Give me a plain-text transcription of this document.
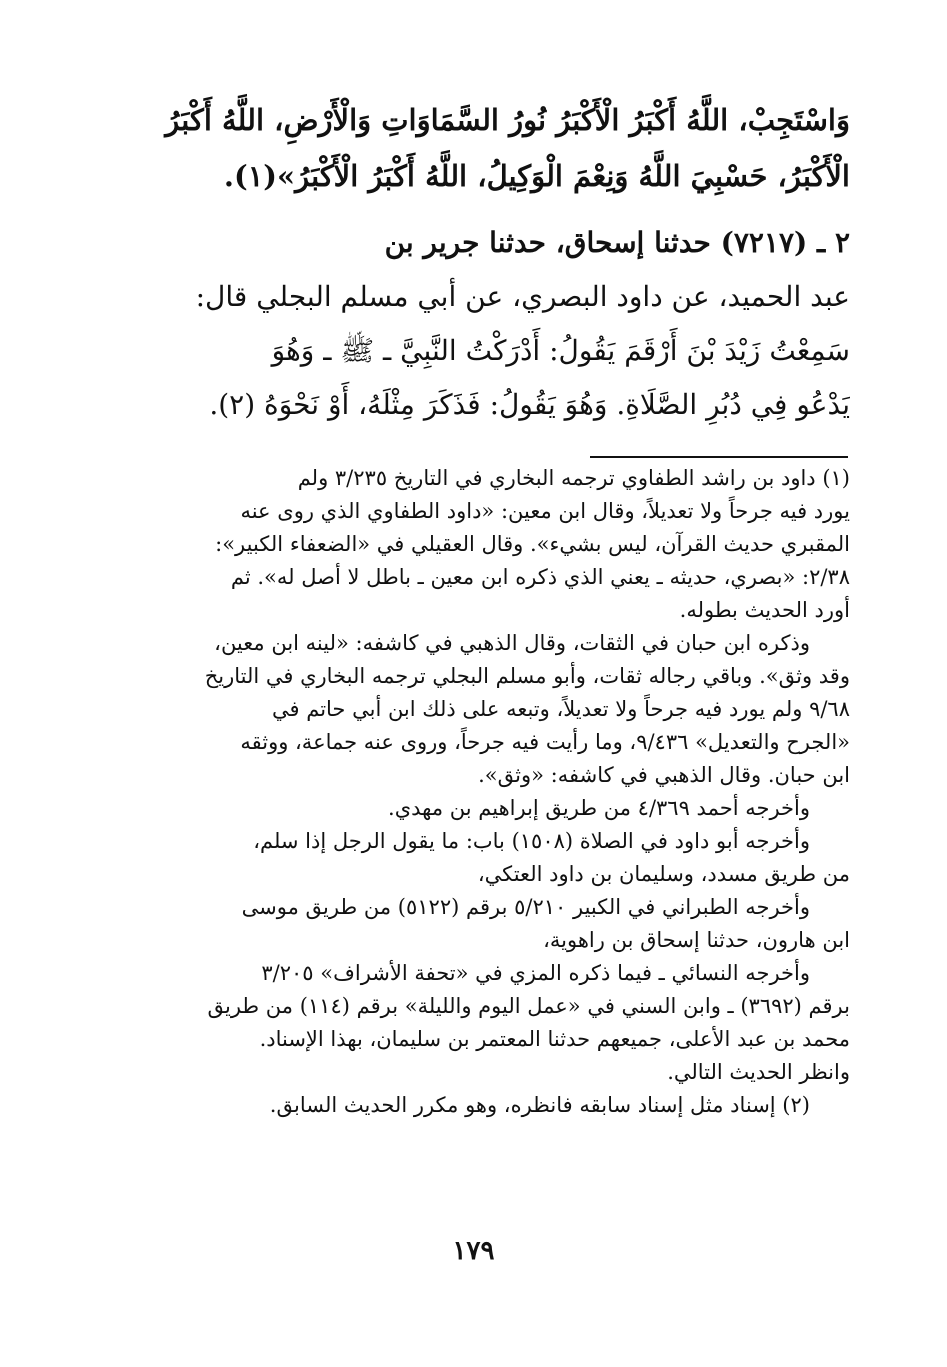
وَاسْتَجِبْ، اللَّهُ أَكْبَرُ الْأَكْبَرُ نُورُ السَّمَاوَاتِ وَالْأَرْضِ، اللَّهُ أَكْبَرُ
الْأَكْبَرُ، حَسْبِيَ اللَّهُ وَنِعْمَ الْوَكِيلُ، اللَّهُ أَكْبَرُ الْأَكْبَرُ»(١).
٢ ـ (٧٢١٧) حدثنا إسحاق، حدثنا جرير بن
عبد الحميد، عن داود البصري، عن أبي مسلم البجلي قال:
سَمِعْتُ زَيْدَ بْنَ أَرْقَمَ يَقُولُ: أَدْرَكْتُ النَّبِيَّ ـ ﷺ ـ وَهُوَ
يَدْعُو فِي دُبُرِ الصَّلَاةِ. وَهُوَ يَقُولُ: فَذَكَرَ مِثْلَهُ، أَوْ نَحْوَهُ (٢).
(١) داود بن راشد الطفاوي ترجمه البخاري في التاريخ ٣/٢٣٥ ولم
يورد فيه جرحاً ولا تعديلاً، وقال ابن معين: «داود الطفاوي الذي روى عنه
المقبري حديث القرآن، ليس بشيء». وقال العقيلي في «الضعفاء الكبير»:
٢/٣٨: «بصري، حديثه ـ يعني الذي ذكره ابن معين ـ باطل لا أصل له». ثم
أورد الحديث بطوله.
وذكره ابن حبان في الثقات، وقال الذهبي في كاشفه: «لينه ابن معين،
وقد وثق». وباقي رجاله ثقات، وأبو مسلم البجلي ترجمه البخاري في التاريخ
٩/٦٨ ولم يورد فيه جرحاً ولا تعديلاً، وتبعه على ذلك ابن أبي حاتم في
«الجرح والتعديل» ٩/٤٣٦، وما رأيت فيه جرحاً، وروى عنه جماعة، ووثقه
ابن حبان. وقال الذهبي في كاشفه: «وثق».
وأخرجه أحمد ٤/٣٦٩ من طريق إبراهيم بن مهدي.
وأخرجه أبو داود في الصلاة (١٥٠٨) باب: ما يقول الرجل إذا سلم،
من طريق مسدد، وسليمان بن داود العتكي،
وأخرجه الطبراني في الكبير ٥/٢١٠ برقم (٥١٢٢) من طريق موسى
ابن هارون، حدثنا إسحاق بن راهوية،
وأخرجه النسائي ـ فيما ذكره المزي في «تحفة الأشراف» ٣/٢٠٥
برقم (٣٦٩٢) ـ وابن السني في «عمل اليوم والليلة» برقم (١١٤) من طريق
محمد بن عبد الأعلى، جميعهم حدثنا المعتمر بن سليمان، بهذا الإسناد.
وانظر الحديث التالي.
(٢) إسناد مثل إسناد سابقه فانظره، وهو مكرر الحديث السابق.
١٧٩
